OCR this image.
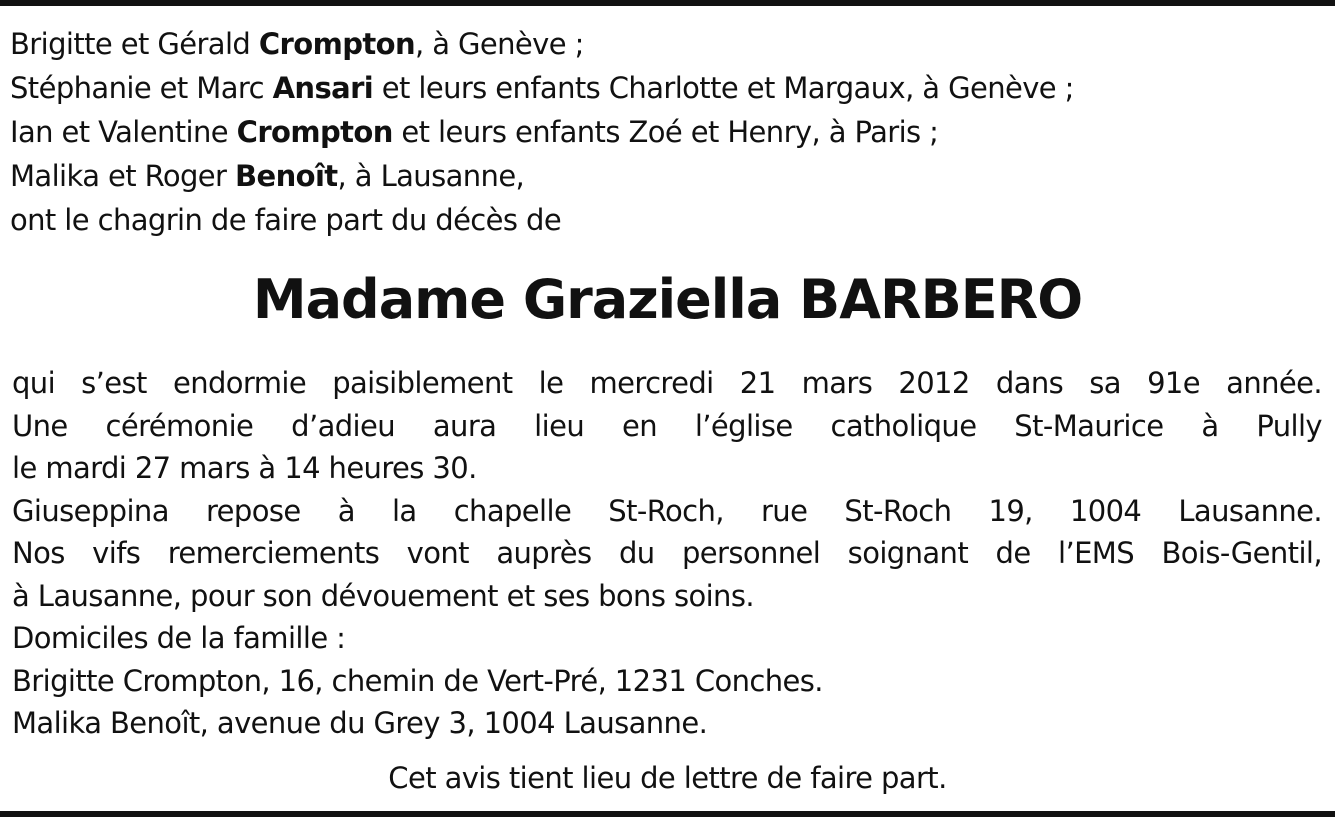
Brigitte et Gérald Crompton, à Genève ;
Stéphanie et Marc Ansari et leurs enfants Charlotte et Margaux, à Genève ;
Ian et Valentine Crompton et leurs enfants Zoé et Henry, à Paris ;
Malika et Roger Benoît, à Lausanne,
ont le chagrin de faire part du décès de
Madame Graziella BARBERO
qui s’est endormie paisiblement le mercredi 21 mars 2012 dans sa 91e année.
Une cérémonie d’adieu aura lieu en l’église catholique St-Maurice à Pully
le mardi 27 mars à 14 heures 30.
Giuseppina repose à la chapelle St-Roch, rue St-Roch 19, 1004 Lausanne.
Nos vifs remerciements vont auprès du personnel soignant de l’EMS Bois-Gentil,
à Lausanne, pour son dévouement et ses bons soins.
Domiciles de la famille :
Brigitte Crompton, 16, chemin de Vert-Pré, 1231 Conches.
Malika Benoît, avenue du Grey 3, 1004 Lausanne.
Cet avis tient lieu de lettre de faire part.
